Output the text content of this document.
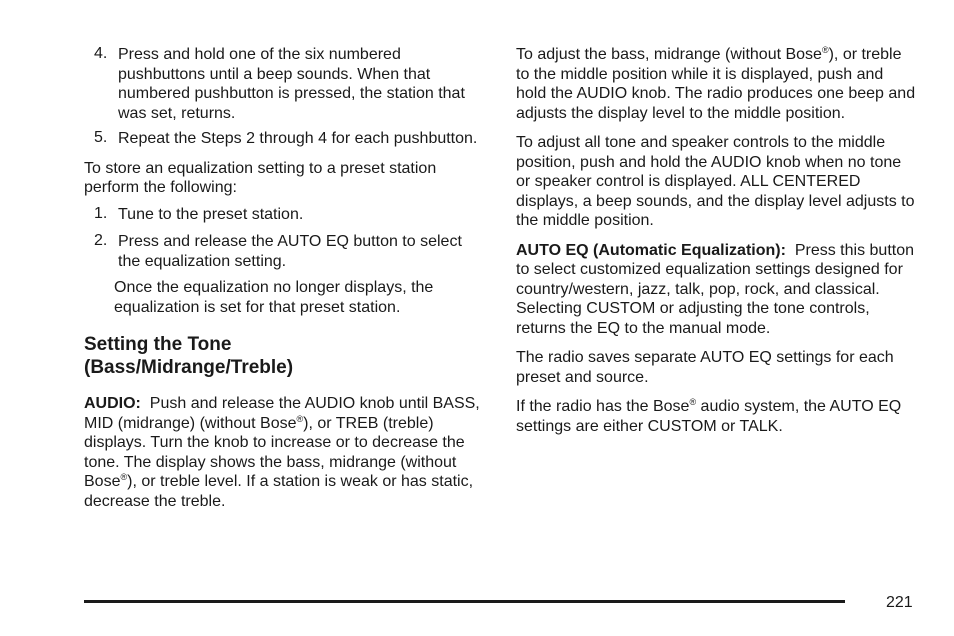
4. Press and hold one of the six numbered pushbuttons until a beep sounds. When that numbered pushbutton is pressed, the station that was set, returns.

5. Repeat the Steps 2 through 4 for each pushbutton.

To store an equalization setting to a preset station perform the following:

1. Tune to the preset station.

2. Press and release the AUTO EQ button to select the equalization setting.

Once the equalization no longer displays, the equalization is set for that preset station.

Setting the Tone
(Bass/Midrange/Treble)

AUDIO: Push and release the AUDIO knob until BASS, MID (midrange) (without Bose®), or TREB (treble) displays. Turn the knob to increase or to decrease the tone. The display shows the bass, midrange (without Bose®), or treble level. If a station is weak or has static, decrease the treble.

To adjust the bass, midrange (without Bose®), or treble to the middle position while it is displayed, push and hold the AUDIO knob. The radio produces one beep and adjusts the display level to the middle position.

To adjust all tone and speaker controls to the middle position, push and hold the AUDIO knob when no tone or speaker control is displayed. ALL CENTERED displays, a beep sounds, and the display level adjusts to the middle position.

AUTO EQ (Automatic Equalization): Press this button to select customized equalization settings designed for country/western, jazz, talk, pop, rock, and classical. Selecting CUSTOM or adjusting the tone controls, returns the EQ to the manual mode.

The radio saves separate AUTO EQ settings for each preset and source.

If the radio has the Bose® audio system, the AUTO EQ settings are either CUSTOM or TALK.

221
